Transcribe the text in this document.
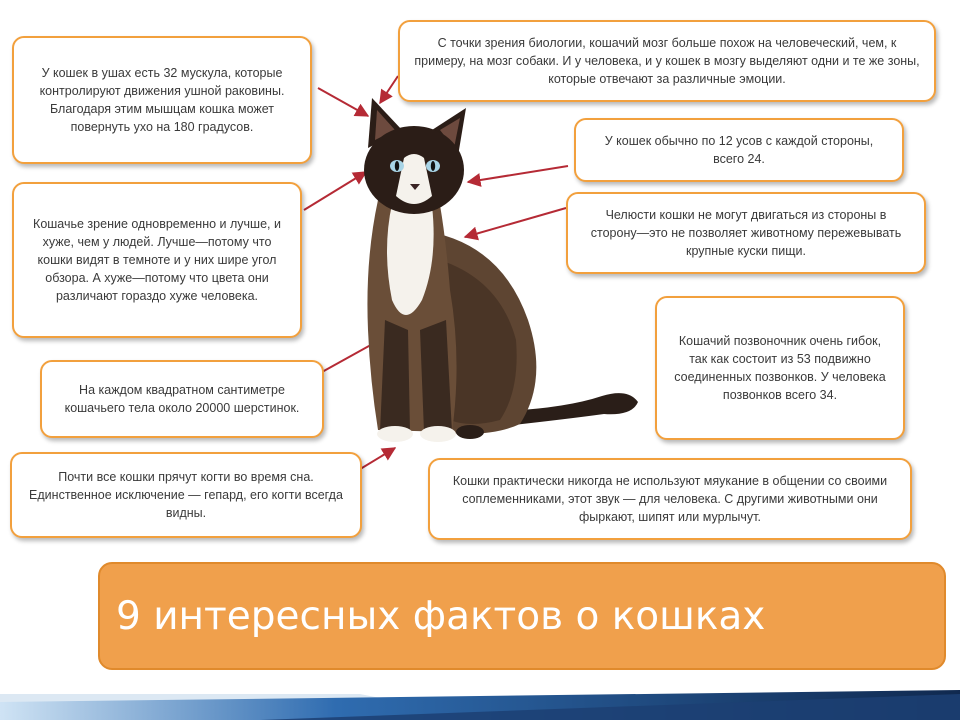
У кошек в ушах есть 32 мускула, которые контролируют движения ушной раковины. Благодаря этим мышцам кошка может повернуть ухо на 180 градусов.
С точки зрения биологии, кошачий мозг больше похож на человеческий, чем, к примеру, на мозг собаки. И у человека, и у кошек в мозгу выделяют одни и те же зоны, которые отвечают за различные эмоции.
У кошек обычно по 12 усов с каждой стороны, всего 24.
Кошачье зрение одновременно и лучше, и хуже, чем у людей. Лучше—потому что кошки видят в темноте и у них шире угол обзора. А хуже—потому что цвета они различают гораздо хуже человека.
Челюсти кошки не могут двигаться из стороны в сторону—это не позволяет животному пережевывать крупные куски пищи.
Кошачий позвоночник очень гибок, так как состоит из 53 подвижно соединенных позвонков. У человека позвонков всего 34.
На каждом квадратном сантиметре кошачьего тела около 20000 шерстинок.
Почти все кошки прячут когти во время сна. Единственное исключение — гепард, его когти всегда видны.
Кошки практически никогда не используют мяукание в общении со своими соплеменниками, этот звук — для человека. С другими животными они фыркают, шипят или мурлычут.
9 интересных фактов о кошках
